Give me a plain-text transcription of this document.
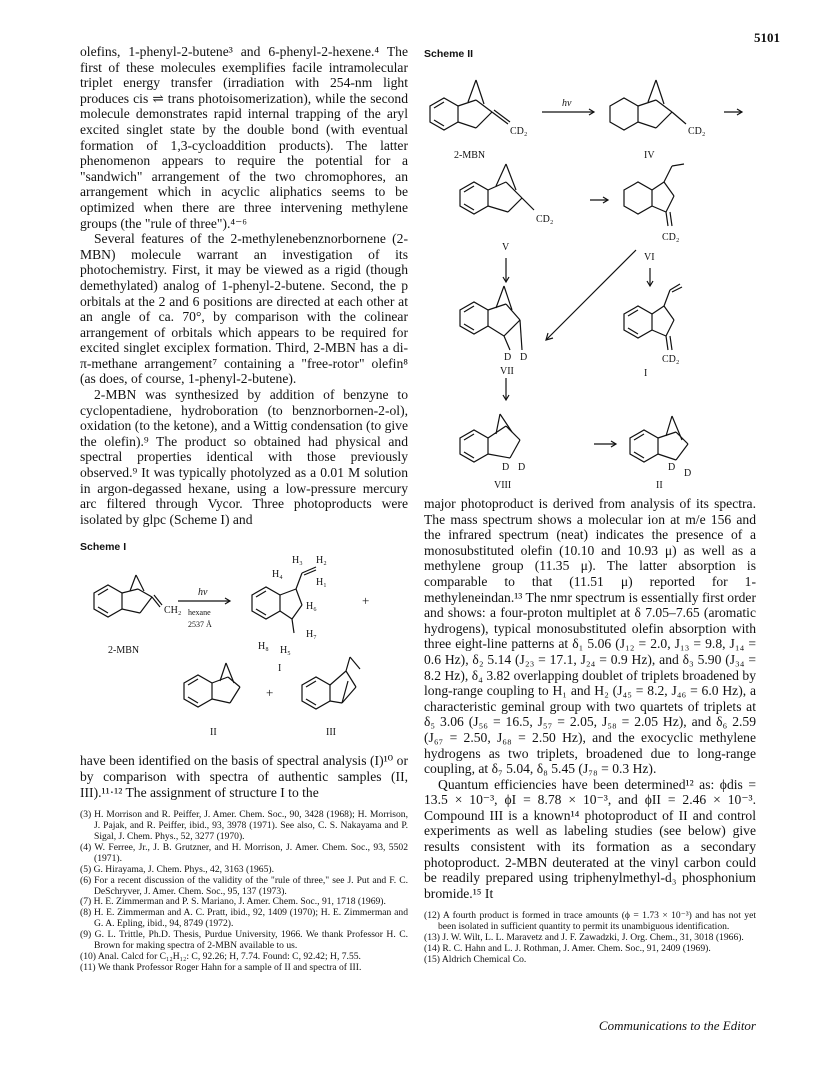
5101

olefins, 1-phenyl-2-butene³ and 6-phenyl-2-hexene.⁴ The first of these molecules exemplifies facile intramolecular triplet energy transfer (irradiation with 254-nm light produces cis ⇌ trans photoisomerization), while the second molecule demonstrates rapid internal trapping of the aryl excited singlet state by the double bond (with eventual formation of 1,3-cycloaddition products). The latter phenomenon appears to require the potential for a "sandwich" arrangement of the two chromophores, an arrangement which in acyclic aliphatics seems to be optimized when there are three intervening methylene groups (the "rule of three").⁴⁻⁶

Several features of the 2-methylenebenznorbornene (2-MBN) molecule warrant an investigation of its photochemistry. First, it may be viewed as a rigid (though demethylated) analog of 1-phenyl-2-butene. Second, the p orbitals at the 2 and 6 positions are directed at each other at an angle of ca. 70°, by comparison with the colinear arrangement of orbitals which appears to be required for excited singlet exciplex formation. Third, 2-MBN has a di-π-methane arrangement⁷ containing a "free-rotor" olefin⁸ (as does, of course, 1-phenyl-2-butene).

2-MBN was synthesized by addition of benzyne to cyclopentadiene, hydroboration (to benznorbornen-2-ol), oxidation (to the ketone), and a Wittig condensation (to give the olefin).⁹ The product so obtained had physical and spectral properties identical with those previously observed.⁹ It was typically photolyzed as a 0.01 M solution in argon-degassed hexane, using a low-pressure mercury arc filtered through Vycor. Three photoproducts were isolated by glpc (Scheme I) and

Scheme I
CH₂
2-MBN
hν
hexane
2537 Å
H₃ H₂
H₄
H₁
H₅
H₆
H₇
H₈
+
I
+
II	III

have been identified on the basis of spectral analysis (I)¹⁰ or by comparison with spectra of authentic samples (II, III).¹¹·¹² The assignment of structure I to the

(3) H. Morrison and R. Peiffer, J. Amer. Chem. Soc., 90, 3428 (1968); H. Morrison, J. Pajak, and R. Peiffer, ibid., 93, 3978 (1971). See also, C. S. Nakayama and P. Sigal, J. Chem. Phys., 52, 3277 (1970).

(4) W. Ferree, Jr., J. B. Grutzner, and H. Morrison, J. Amer. Chem. Soc., 93, 5502 (1971).

(5) G. Hirayama, J. Chem. Phys., 42, 3163 (1965).

(6) For a recent discussion of the validity of the "rule of three," see J. Put and F. C. DeSchryver, J. Amer. Chem. Soc., 95, 137 (1973).

(7) H. E. Zimmerman and P. S. Mariano, J. Amer. Chem. Soc., 91, 1718 (1969).

(8) H. E. Zimmerman and A. C. Pratt, ibid., 92, 1409 (1970); H. E. Zimmerman and G. A. Epling, ibid., 94, 8749 (1972).

(9) G. L. Trittle, Ph.D. Thesis, Purdue University, 1966. We thank Professor H. C. Brown for making spectra of 2-MBN available to us.

(10) Anal. Calcd for C₁₂H₁₂: C, 92.26; H, 7.74. Found: C, 92.42; H, 7.55.

(11) We thank Professor Roger Hahn for a sample of II and spectra of III.

Scheme II
hν
CD₂
2-MBN
CD₂
IV
CD₂
V
CD₂
VI
D D
VII
CD₂
I
D D
VIII
D
D
II

major photoproduct is derived from analysis of its spectra. The mass spectrum shows a molecular ion at m/e 156 and the infrared spectrum (neat) indicates the presence of a monosubstituted olefin (10.10 and 10.93 μ) as well as a methylene group (11.35 μ). The latter absorption is comparable to that (11.51 μ) reported for 1-methyleneindan.¹³ The nmr spectrum is essentially first order and shows: a four-proton multiplet at δ 7.05–7.65 (aromatic hydrogens), typical monosubstituted olefin absorption with three eight-line patterns at δ₁ 5.06 (J₁₂ = 2.0, J₁₃ = 9.8, J₁₄ = 0.6 Hz), δ₂ 5.14 (J₂₃ = 17.1, J₂₄ = 0.9 Hz), and δ₃ 5.90 (J₃₄ = 8.2 Hz), δ₄ 3.82 overlapping doublet of triplets broadened by long-range coupling to H₁ and H₂ (J₄₅ = 8.2, J₄₆ = 6.0 Hz), a characteristic geminal group with two quartets of triplets at δ₅ 3.06 (J₅₆ = 16.5, J₅₇ = 2.05, J₅₈ = 2.05 Hz), and δ₆ 2.59 (J₆₇ = 2.50, J₆₈ = 2.50 Hz), and the exocyclic methylene hydrogens as two triplets, broadened due to long-range coupling, at δ₇ 5.04, δ₈ 5.45 (J₇₈ = 0.3 Hz).

Quantum efficiencies have been determined¹² as: ϕdis = 13.5 × 10⁻³, ϕI = 8.78 × 10⁻³, and ϕII = 2.46 × 10⁻³. Compound III is a known¹⁴ photoproduct of II and control experiments as well as labeling studies (see below) give results consistent with its formation as a secondary photoproduct. 2-MBN deuterated at the vinyl carbon could be readily prepared using triphenylmethyl-d₃ phosphonium bromide.¹⁵ It

(12) A fourth product is formed in trace amounts (ϕ = 1.73 × 10⁻³) and has not yet been isolated in sufficient quantity to permit its unambiguous identification.

(13) J. W. Wilt, L. L. Maravetz and J. F. Zawadzki, J. Org. Chem., 31, 3018 (1966).

(14) R. C. Hahn and L. J. Rothman, J. Amer. Chem. Soc., 91, 2409 (1969).

(15) Aldrich Chemical Co.

Communications to the Editor
